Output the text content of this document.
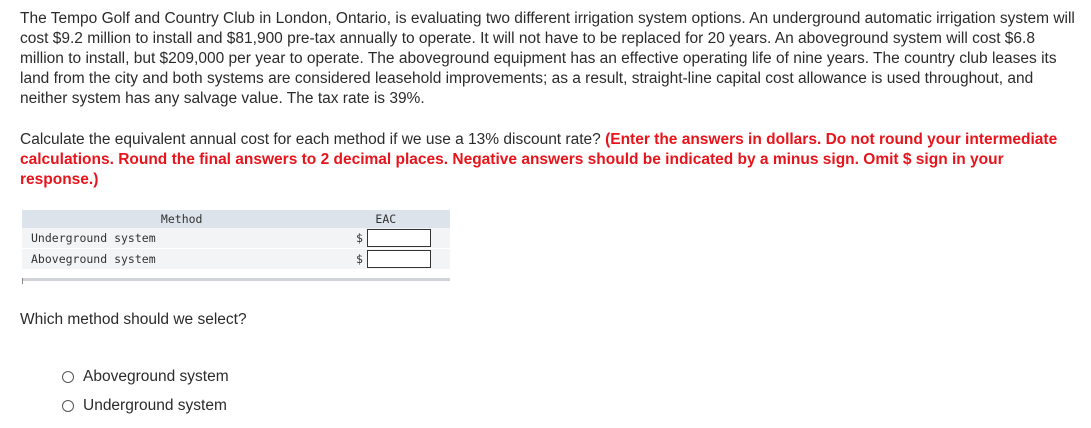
The Tempo Golf and Country Club in London, Ontario, is evaluating two different irrigation system options. An underground automatic irrigation system will cost $9.2 million to install and $81,900 pre-tax annually to operate. It will not have to be replaced for 20 years. An aboveground system will cost $6.8 million to install, but $209,000 per year to operate. The aboveground equipment has an effective operating life of nine years. The country club leases its land from the city and both systems are considered leasehold improvements; as a result, straight-line capital cost allowance is used throughout, and neither system has any salvage value. The tax rate is 39%.
Calculate the equivalent annual cost for each method if we use a 13% discount rate? (Enter the answers in dollars. Do not round your intermediate calculations. Round the final answers to 2 decimal places. Negative answers should be indicated by a minus sign. Omit $ sign in your response.)
Method	EAC	
Underground system	$	

Aboveground system	$	
Which method should we select?
Aboveground system
Underground system
